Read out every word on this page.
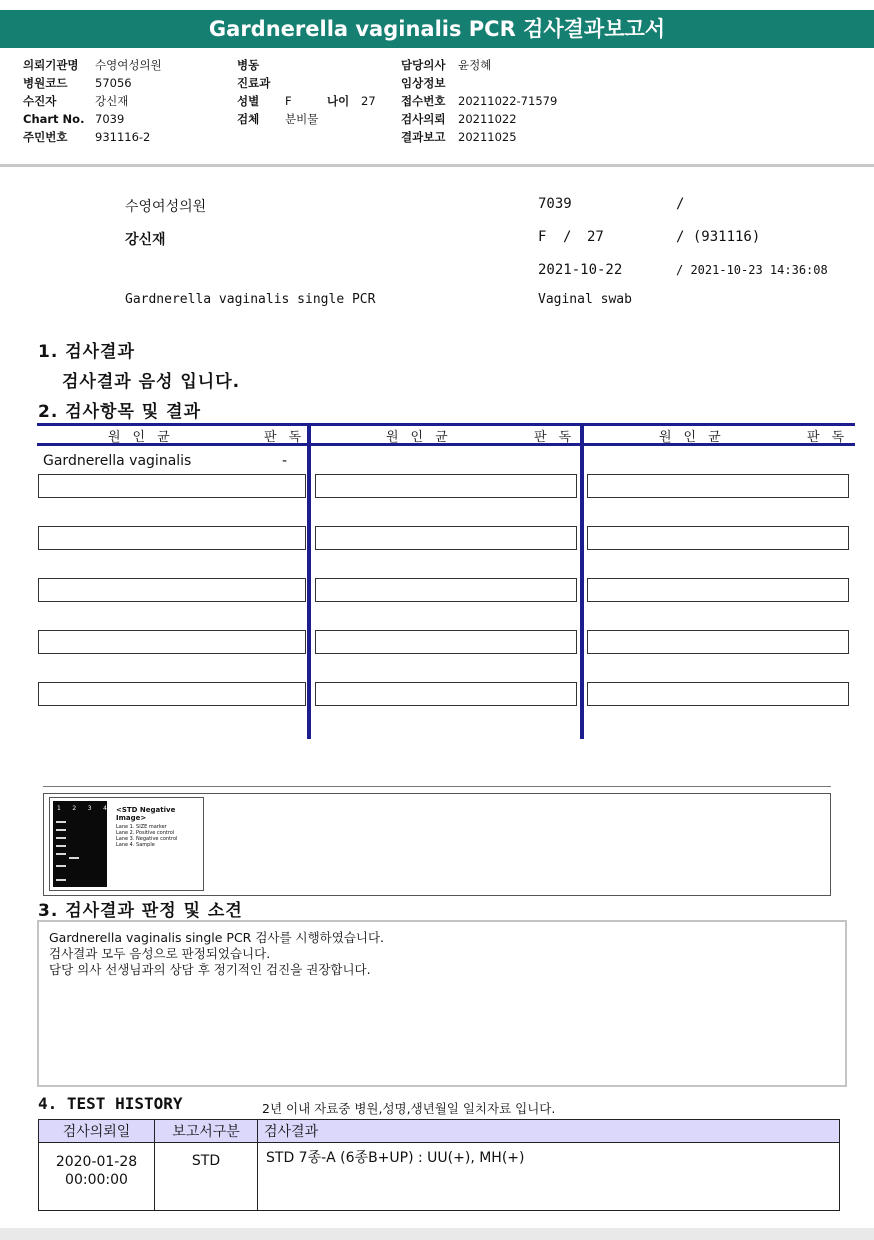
Gardnerella vaginalis PCR 검사결과보고서
의뢰기관명 수영여성의원
병원코드 57056
수진자	강신재
Chart No. 7039
주민번호 931116-2
병동
진료과
성별 F	나이 27
검체 분비물
담당의사 윤정혜
임상정보
접수번호 20211022-71579
검사의뢰 20211022
결과보고 20211025
수영여성의원	7039	/
강신재	F / 27	/ (931116)
2021-10-22	/ 2021-10-23 14:36:08
Gardnerella vaginalis single PCR	Vaginal swab
1. 검사결과
검사결과 음성 입니다.
2. 검사항목 및 결과
원인균	판독	원인균	판독	원인균	판독
Gardnerella vaginalis	-
1 2 3 4 <STD Negative Image>
Lane 1. SIZE marker
Lane 2. Positive control
Lane 3. Negative control
Lane 4. Sample
3. 검사결과 판정 및 소견
Gardnerella vaginalis single PCR 검사를 시행하였습니다.
검사결과 모두 음성으로 판정되었습니다.
담당 의사 선생님과의 상담 후 정기적인 검진을 권장합니다.
4. TEST HISTORY	2년 이내 자료중 병원,성명,생년월일 일치자료 입니다.
검사의뢰일	보고서구분	검사결과

2020-01-28
00:00:00	STD	STD 7종-A (6종B+UP) : UU(+), MH(+)
